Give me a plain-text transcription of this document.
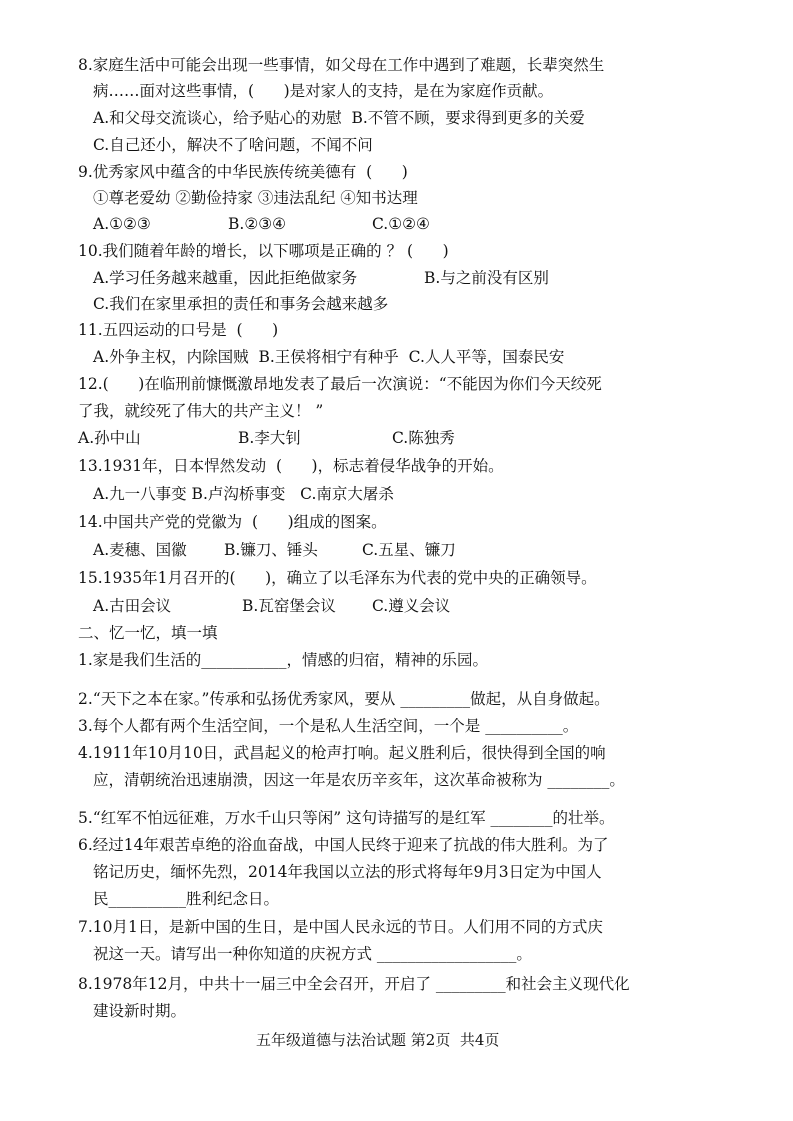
8.家庭生活中可能会出现一些事情，如父母在工作中遇到了难题，长辈突然生
病……面对这些事情，(      )是对家人的支持，是在为家庭作贡献。
A.和父母交流谈心，给予贴心的劝慰  B.不管不顾，要求得到更多的关爱
C.自己还小，解决不了啥问题，不闻不问
9.优秀家风中蕴含的中华民族传统美德有  (      )
①尊老爱幼 ②勤俭持家 ③违法乱纪 ④知书达理
A.①②③	B.②③④	C.①②④
10.我们随着年龄的增长，以下哪项是正确的 ？ (      )
A.学习任务越来越重，因此拒绝做家务	B.与之前没有区别
C.我们在家里承担的责任和事务会越来越多
11.五四运动的口号是  (      )
A.外争主权，内除国贼  B.王侯将相宁有种乎  C.人人平等，国泰民安
12.(      )在临刑前慷慨激昂地发表了最后一次演说：“不能因为你们今天绞死
了我，就绞死了伟大的共产主义！ ”
A.孙中山	B.李大钊	C.陈独秀
13.1931年，日本悍然发动  (      )，标志着侵华战争的开始。
A.九一八事变 B.卢沟桥事变   C.南京大屠杀
14.中国共产党的党徽为  (      )组成的图案。
A.麦穗、国徽 B.镰刀、锤头	C.五星、镰刀
15.1935年1月召开的(      )，确立了以毛泽东为代表的党中央的正确领导。
A.古田会议	B.瓦窑堡会议 C.遵义会议
二、忆一忆，填一填
1.家是我们生活的___________，情感的归宿，精神的乐园。
2.“天下之本在家。”传承和弘扬优秀家风，要从 _________做起，从自身做起。
3.每个人都有两个生活空间，一个是私人生活空间，一个是 __________。
4.1911年10月10日，武昌起义的枪声打响。起义胜利后，很快得到全国的响
应，清朝统治迅速崩溃，因这一年是农历辛亥年，这次革命被称为 ________。
5.“红军不怕远征难，万水千山只等闲” 这句诗描写的是红军 ________的壮举。
6.经过14年艰苦卓绝的浴血奋战，中国人民终于迎来了抗战的伟大胜利。为了
铭记历史，缅怀先烈，2014年我国以立法的形式将每年9月3日定为中国人
民__________胜利纪念日。
7.10月1日，是新中国的生日，是中国人民永远的节日。人们用不同的方式庆
祝这一天。请写出一种你知道的庆祝方式 __________________。
8.1978年12月，中共十一届三中全会召开，开启了 _________和社会主义现代化
建设新时期。
五年级道德与法治试题 第2页  共4页
